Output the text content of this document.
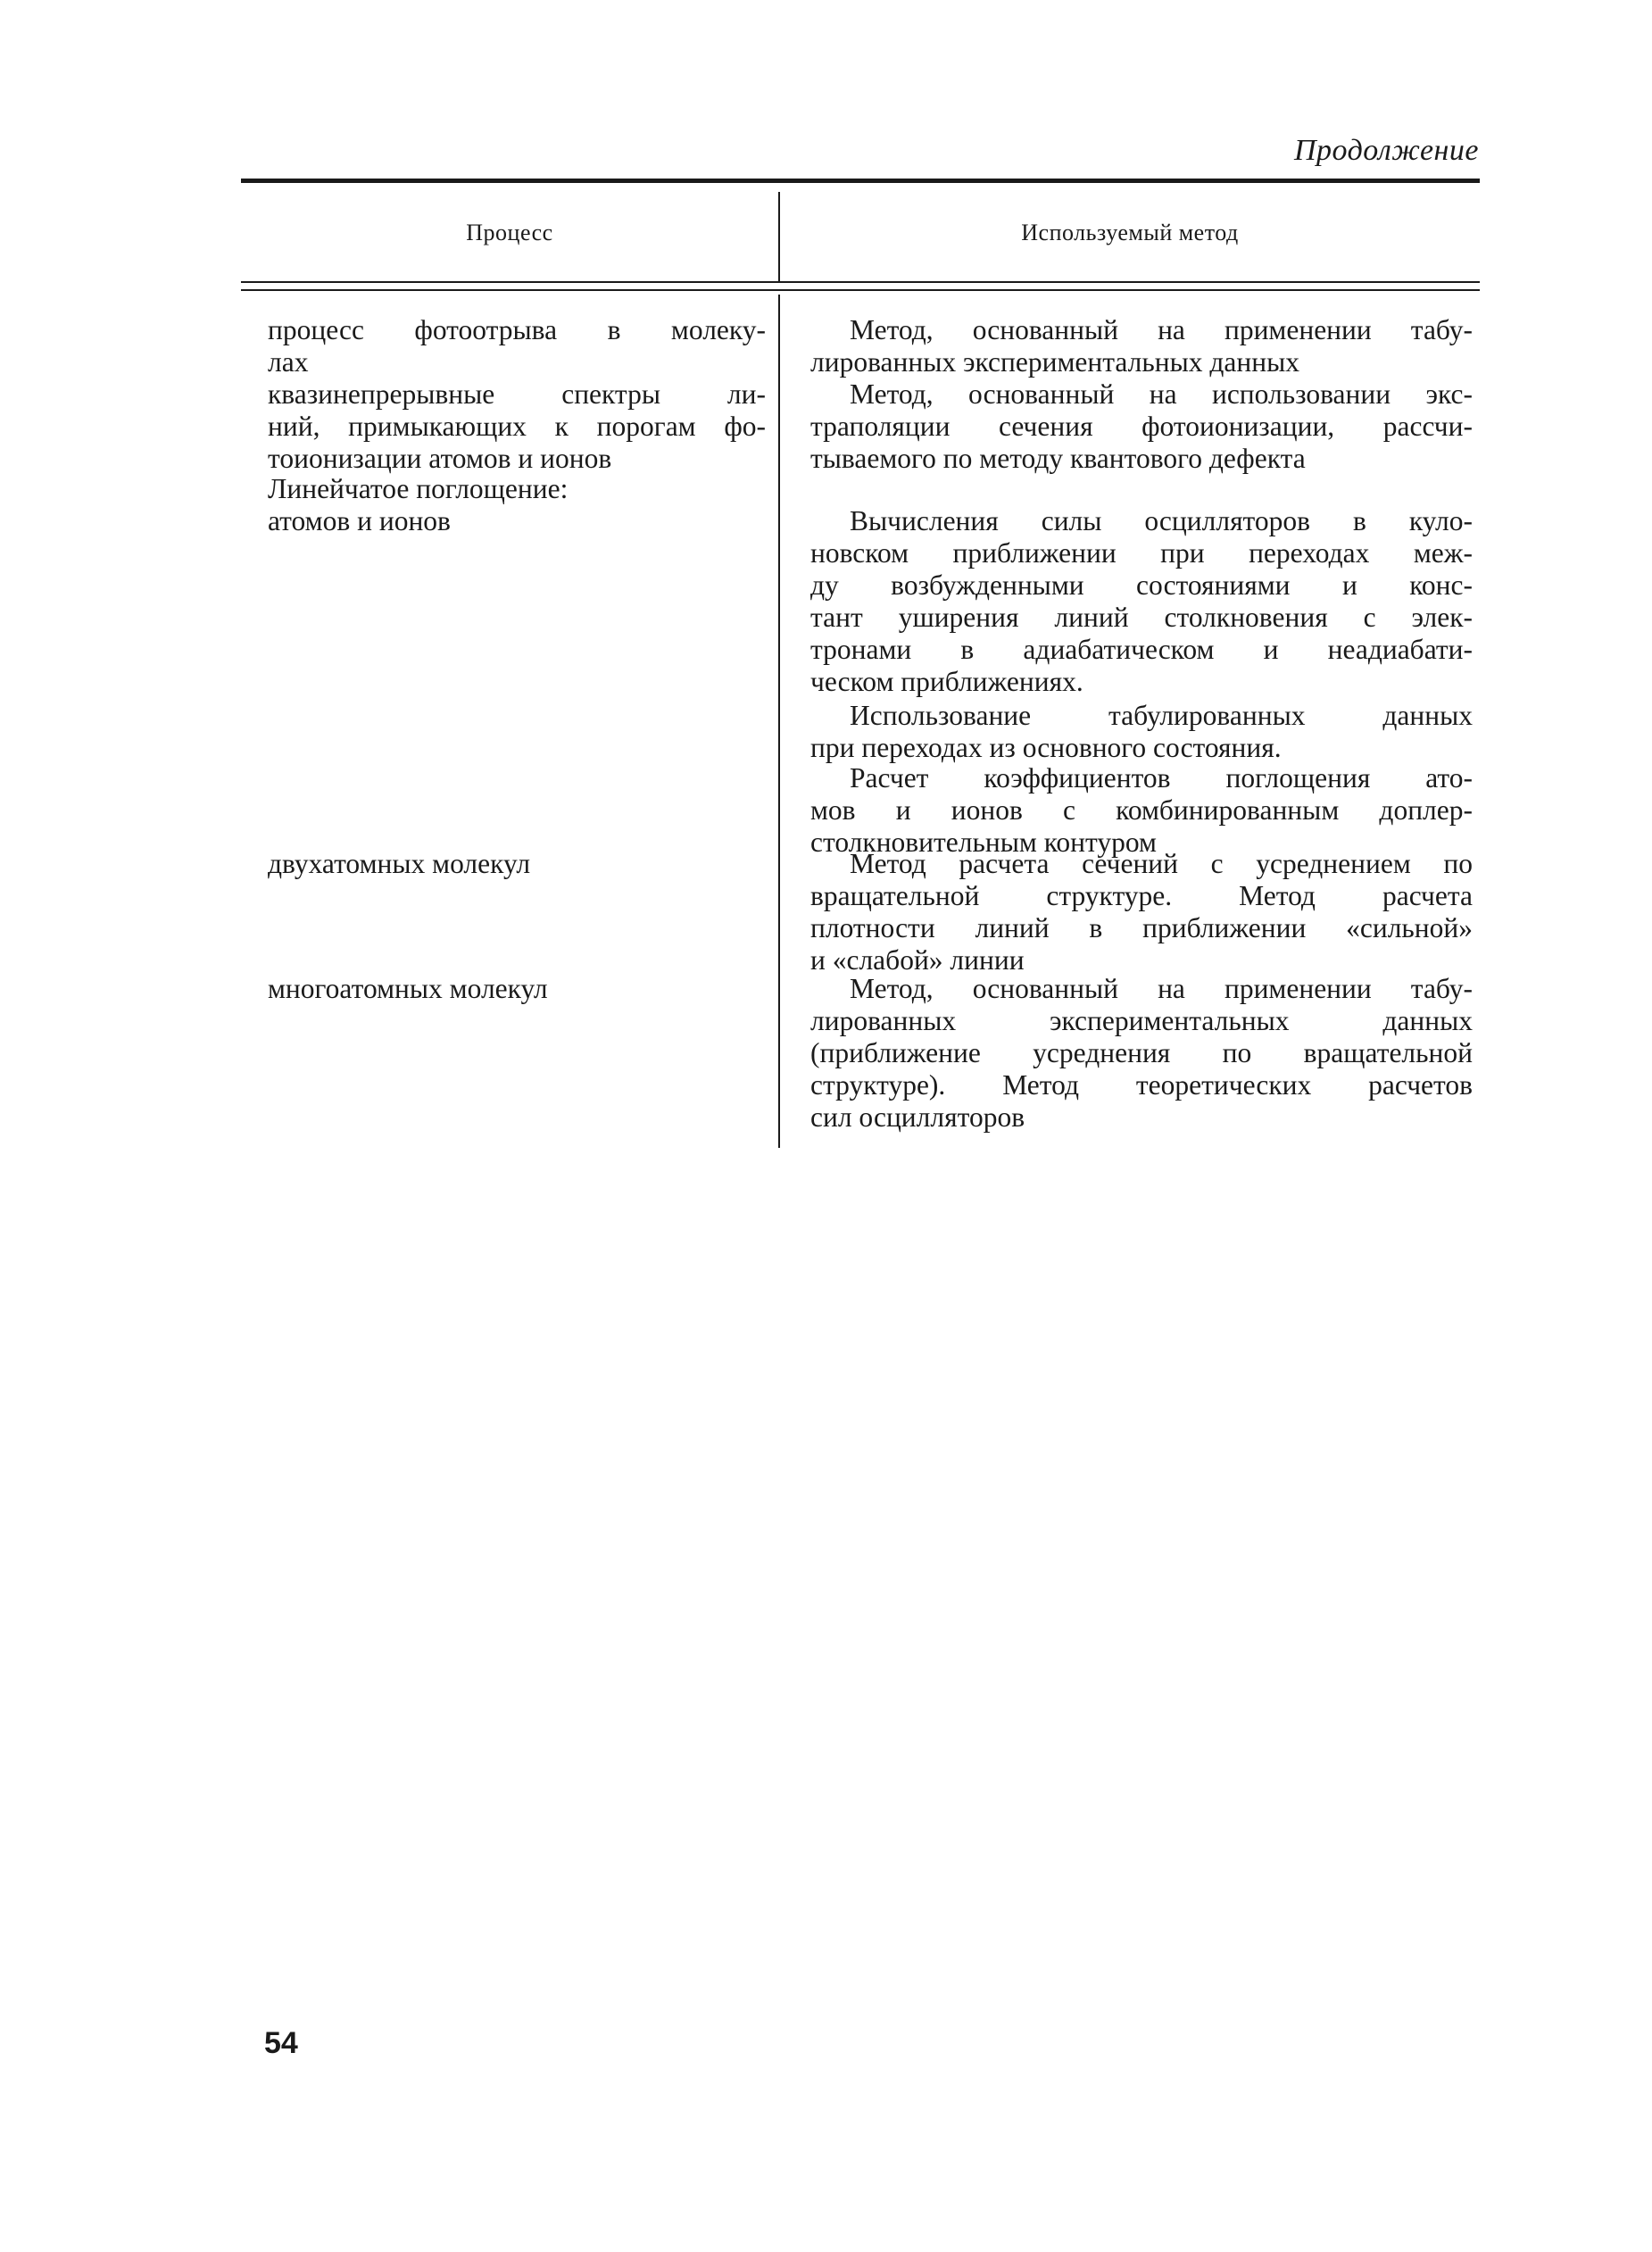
Продолжение
Процесс	Используемый метод
процесс фотоотрыва в молеку-
лах
квазинепрерывные спектры ли-
ний, примыкающих к порогам фо-
тоионизации атомов и ионов
Линейчатое поглощение:
атомов и ионов
двухатомных молекул
многоатомных молекул
Метод, основанный на применении табу-
лированных экспериментальных данных
Метод, основанный на использовании экс-
траполяции сечения фотоионизации, рассчи-
тываемого по методу квантового дефекта
Вычисления силы осцилляторов в куло-
новском приближении при переходах меж-
ду возбужденными состояниями и конс-
тант уширения линий столкновения с элек-
тронами в адиабатическом и неадиабати-
ческом приближениях.
Использование табулированных данных
при переходах из основного состояния.
Расчет коэффициентов поглощения ато-
мов и ионов с комбинированным доплер-
столкновительным контуром
Метод расчета сечений с усреднением по
вращательной структуре. Метод расчета
плотности линий в приближении «сильной»
и «слабой» линии
Метод, основанный на применении табу-
лированных экспериментальных данных
(приближение усреднения по вращательной
структуре). Метод теоретических расчетов
сил осцилляторов
54
